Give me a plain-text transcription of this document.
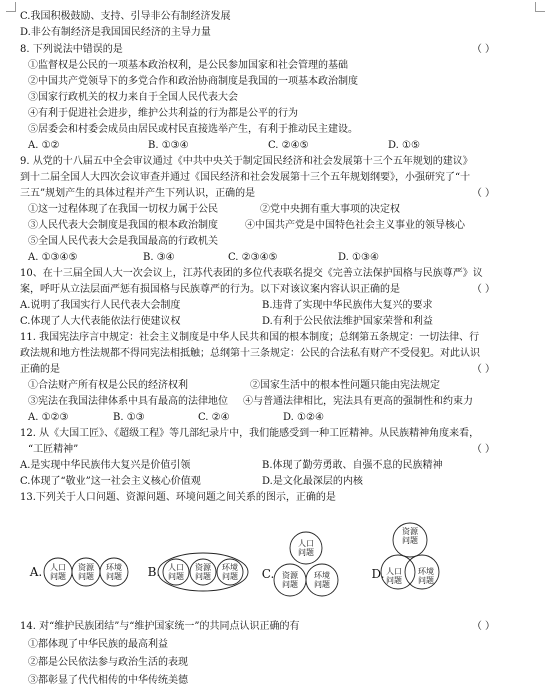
C.我国积极鼓励、支持、引导非公有制经济发展
D.非公有制经济是我国国民经济的主导力量
8. 下列说法中错误的是	（ ）
①监督权是公民的一项基本政治权利，是公民参加国家和社会管理的基础
②中国共产党领导下的多党合作和政治协商制度是我国的一项基本政治制度
③国家行政机关的权力来自于全国人民代表大会
④有利于促进社会进步，维护公共利益的行为都是公平的行为
⑤居委会和村委会成员由居民或村民直接选举产生，有利于推动民主建设。
A. ①②	B. ①③④	C. ②④⑤	D. ①⑤
9. 从党的十八届五中全会审议通过《中共中央关于制定国民经济和社会发展第十三个五年规划的建议》
到十二届全国人大四次会议审查并通过《国民经济和社会发展第十三个五年规划纲要》，小强研究了“十
三五”规划产生的具体过程并产生下列认识，正确的是	（ ）
①这一过程体现了在我国一切权力属于公民	②党中央拥有重大事项的决定权
③人民代表大会制度是我国的根本政治制度	④中国共产党是中国特色社会主义事业的领导核心
⑤全国人民代表大会是我国最高的行政机关
A. ①③④⑤	B. ③④	C. ②③④⑤	D. ①③④
10、在十三届全国人大一次会议上，江苏代表团的多位代表联名提交《完善立法保护国格与民族尊严》议
案，呼吁从立法层面严惩有损国格与民族尊严的行为。以下对该议案内容认识正确的是	（ ）
A.说明了我国实行人民代表大会制度	B.违背了实现中华民族伟大复兴的要求
C.体现了人大代表能依法行使建议权	D.有利于公民依法维护国家荣誉和利益
11. 我国宪法序言中规定：社会主义制度是中华人民共和国的根本制度；总纲第五条规定：一切法律、行
政法规和地方性法规都不得同宪法相抵触；总纲第十三条规定：公民的合法私有财产不受侵犯。对此认识
正确的是	（ ）
①合法财产所有权是公民的经济权利	②国家生活中的根本性问题只能由宪法规定
③宪法在我国法律体系中具有最高的法律地位 ④与普通法律相比，宪法具有更高的强制性和约束力
A. ①②③	B. ①③	C. ②④	D. ①②④
12. 从《大国工匠》、《超级工程》等几部纪录片中，我们能感受到一种工匠精神。从民族精神角度来看，
“工匠精神”	（ ）
A.是实现中华民族伟大复兴是价值引领	B.体现了勤劳勇敢、自强不息的民族精神
C.体现了“敬业”这一社会主义核心价值观	D.是文化最深层的内核
13.下列关于人口问题、资源问题、环境问题之间关系的图示，正确的是
A. 人口
问题
资源
问题
环境
问题 B. 人口
问题
资源
问题
环境
问题 C.
人口
问题
资源
问题
环境
问题
D.
资源
问题
人口
问题
环境
问题
14. 对“维护民族团结”与“维护国家统一”的共同点认识正确的有	（ ）
①都体现了中华民族的最高利益
②都是公民依法参与政治生活的表现
③都彰显了代代相传的中华传统美德
